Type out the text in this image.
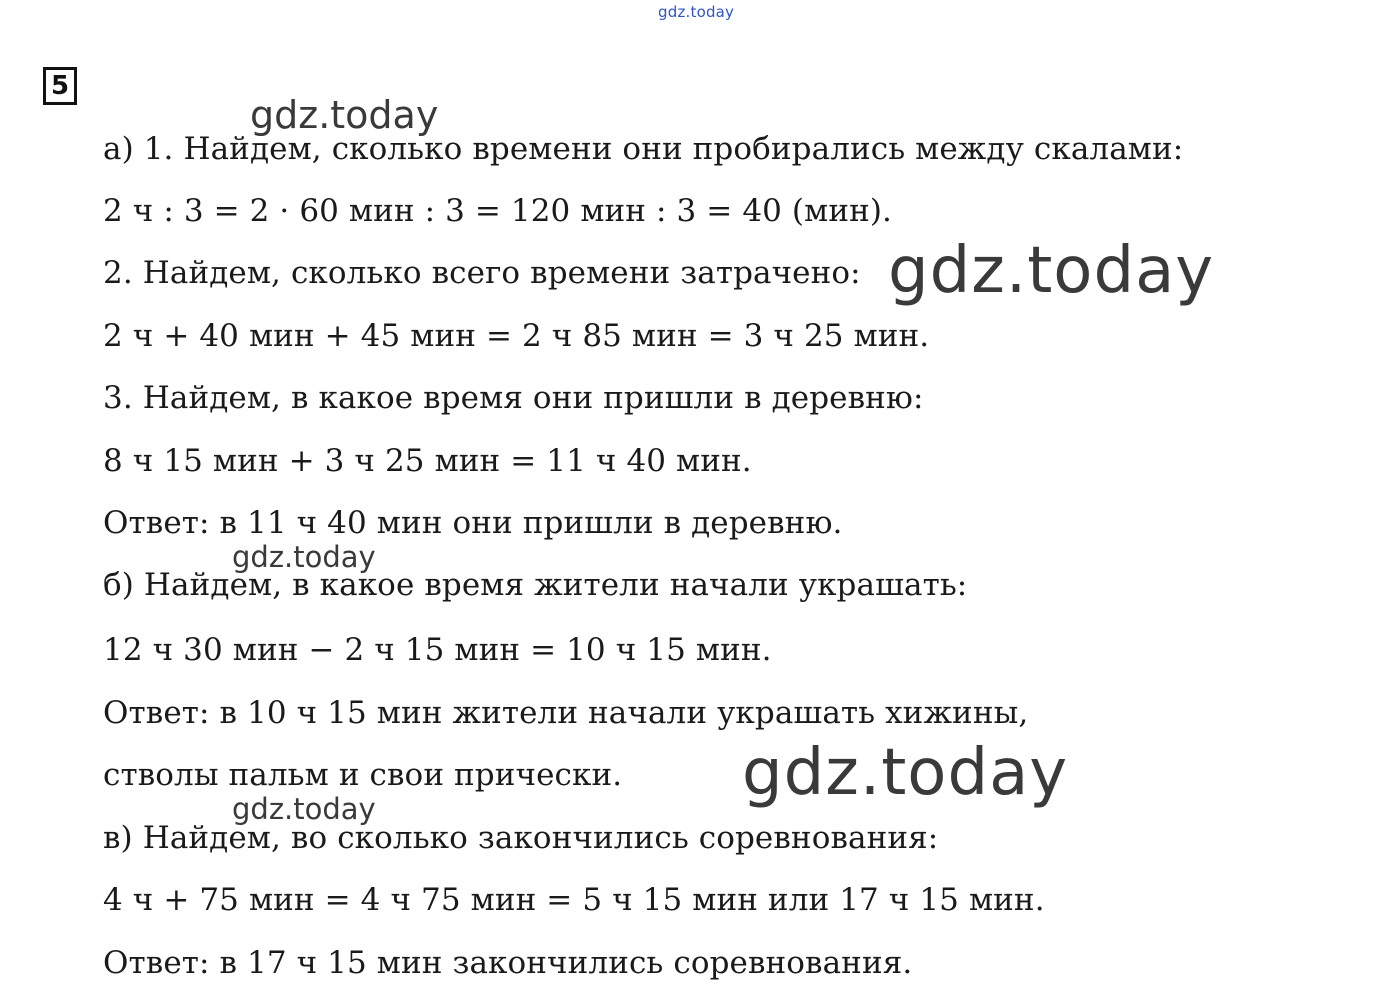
gdz.today
5
а) 1. Найдем, сколько времени они пробирались между скалами:
2 ч : 3 = 2 · 60 мин : 3 = 120 мин : 3 = 40 (мин).
2. Найдем, сколько всего времени затрачено:
2 ч + 40 мин + 45 мин = 2 ч 85 мин = 3 ч 25 мин.
3. Найдем, в какое время они пришли в деревню:
8 ч 15 мин + 3 ч 25 мин = 11 ч 40 мин.
Ответ: в 11 ч 40 мин они пришли в деревню.
б) Найдем, в какое время жители начали украшать:
12 ч 30 мин − 2 ч 15 мин = 10 ч 15 мин.
Ответ: в 10 ч 15 мин жители начали украшать хижины,
стволы пальм и свои прически.
в) Найдем, во сколько закончились соревнования:
4 ч + 75 мин = 4 ч 75 мин = 5 ч 15 мин или 17 ч 15 мин.
Ответ: в 17 ч 15 мин закончились соревнования.
gdz.today
gdz.today
gdz.today
gdz.today
gdz.today
